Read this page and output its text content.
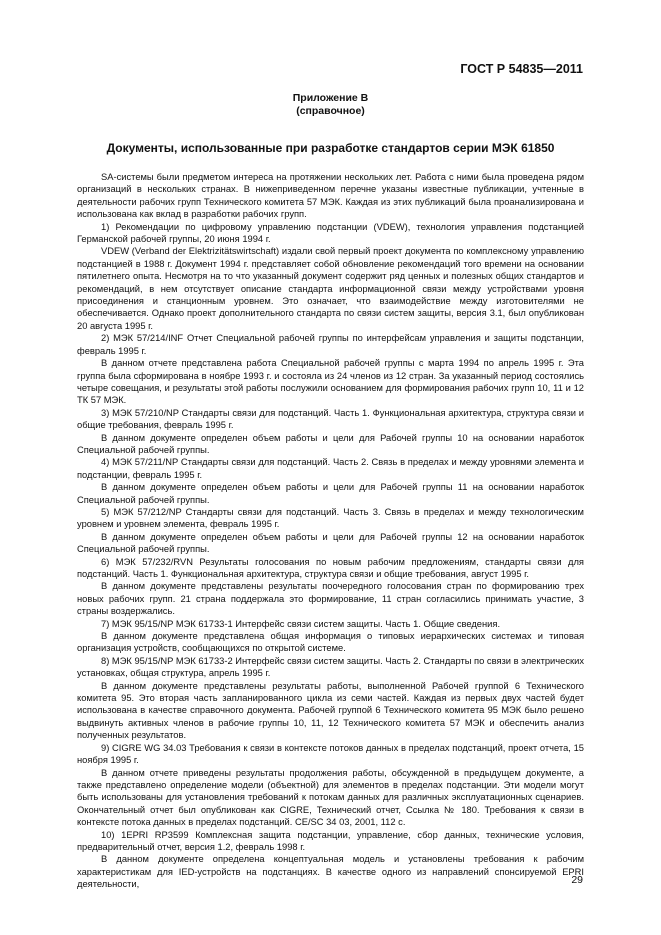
ГОСТ Р 54835—2011
Приложение В
(справочное)
Документы, использованные при разработке стандартов серии МЭК 61850

SA-системы были предметом интереса на протяжении нескольких лет. Работа с ними была проведена рядом организаций в нескольких странах. В нижеприведенном перечне указаны известные публикации, учтенные в деятельности рабочих групп Технического комитета 57 МЭК. Каждая из этих публикаций была проанализирована и использована как вклад в разработки рабочих групп.

1) Рекомендации по цифровому управлению подстанции (VDEW), технология управления подстанцией Германской рабочей группы, 20 июня 1994 г.

VDEW (Verband der Elektrizitätswirtschaft) издали свой первый проект документа по комплексному управлению подстанцией в 1988 г. Документ 1994 г. представляет собой обновление рекомендаций того времени на основании пятилетнего опыта. Несмотря на то что указанный документ содержит ряд ценных и полезных общих стандартов и рекомендаций, в нем отсутствует описание стандарта информационной связи между устройствами уровня присоединения и станционным уровнем. Это означает, что взаимодействие между изготовителями не обеспечивается. Однако проект дополнительного стандарта по связи систем защиты, версия 3.1, был опубликован 20 августа 1995 г.

2) МЭК 57/214/INF Отчет Специальной рабочей группы по интерфейсам управления и защиты подстанции, февраль 1995 г.

В данном отчете представлена работа Специальной рабочей группы с марта 1994 по апрель 1995 г. Эта группа была сформирована в ноябре 1993 г. и состояла из 24 членов из 12 стран. За указанный период состоялись четыре совещания, и результаты этой работы послужили основанием для формирования рабочих групп 10, 11 и 12 ТК 57 МЭК.

3) МЭК 57/210/NP Стандарты связи для подстанций. Часть 1. Функциональная архитектура, структура связи и общие требования, февраль 1995 г.

В данном документе определен объем работы и цели для Рабочей группы 10 на основании наработок Специальной рабочей группы.

4) МЭК 57/211/NP Стандарты связи для подстанций. Часть 2. Связь в пределах и между уровнями элемента и подстанции, февраль 1995 г.

В данном документе определен объем работы и цели для Рабочей группы 11 на основании наработок Специальной рабочей группы.

5) МЭК 57/212/NP Стандарты связи для подстанций. Часть 3. Связь в пределах и между технологическим уровнем и уровнем элемента, февраль 1995 г.

В данном документе определен объем работы и цели для Рабочей группы 12 на основании наработок Специальной рабочей группы.

6) МЭК 57/232/RVN Результаты голосования по новым рабочим предложениям, стандарты связи для подстанций. Часть 1. Функциональная архитектура, структура связи и общие требования, август 1995 г.

В данном документе представлены результаты поочередного голосования стран по формированию трех новых рабочих групп. 21 страна поддержала это формирование, 11 стран согласились принимать участие, 3 страны воздержались.

7) МЭК 95/15/NP МЭК 61733-1 Интерфейс связи систем защиты. Часть 1. Общие сведения.

В данном документе представлена общая информация о типовых иерархических системах и типовая организация устройств, сообщающихся по открытой системе.

8) МЭК 95/15/NP МЭК 61733-2 Интерфейс связи систем защиты. Часть 2. Стандарты по связи в электрических установках, общая структура, апрель 1995 г.

В данном документе представлены результаты работы, выполненной Рабочей группой 6 Технического комитета 95. Это вторая часть запланированного цикла из семи частей. Каждая из первых двух частей будет использована в качестве справочного документа. Рабочей группой 6 Технического комитета 95 МЭК было решено выдвинуть активных членов в рабочие группы 10, 11, 12 Технического комитета 57 МЭК и обеспечить анализ полученных результатов.

9) CIGRE WG 34.03 Требования к связи в контексте потоков данных в пределах подстанций, проект отчета, 15 ноября 1995 г.

В данном отчете приведены результаты продолжения работы, обсужденной в предыдущем документе, а также представлено определение модели (объектной) для элементов в пределах подстанции. Эти модели могут быть использованы для установления требований к потокам данных для различных эксплуатационных сценариев. Окончательный отчет был опубликован как CIGRE, Технический отчет, Ссылка № 180. Требования к связи в контексте потока данных в пределах подстанций. CE/SC 34 03, 2001, 112 с.

10) 1EPRI RP3599 Комплексная защита подстанции, управление, сбор данных, технические условия, предварительный отчет, версия 1.2, февраль 1998 г.

В данном документе определена концептуальная модель и установлены требования к рабочим характеристикам для IED-устройств на подстанциях. В качестве одного из направлений спонсируемой EPRI деятельности,	29
